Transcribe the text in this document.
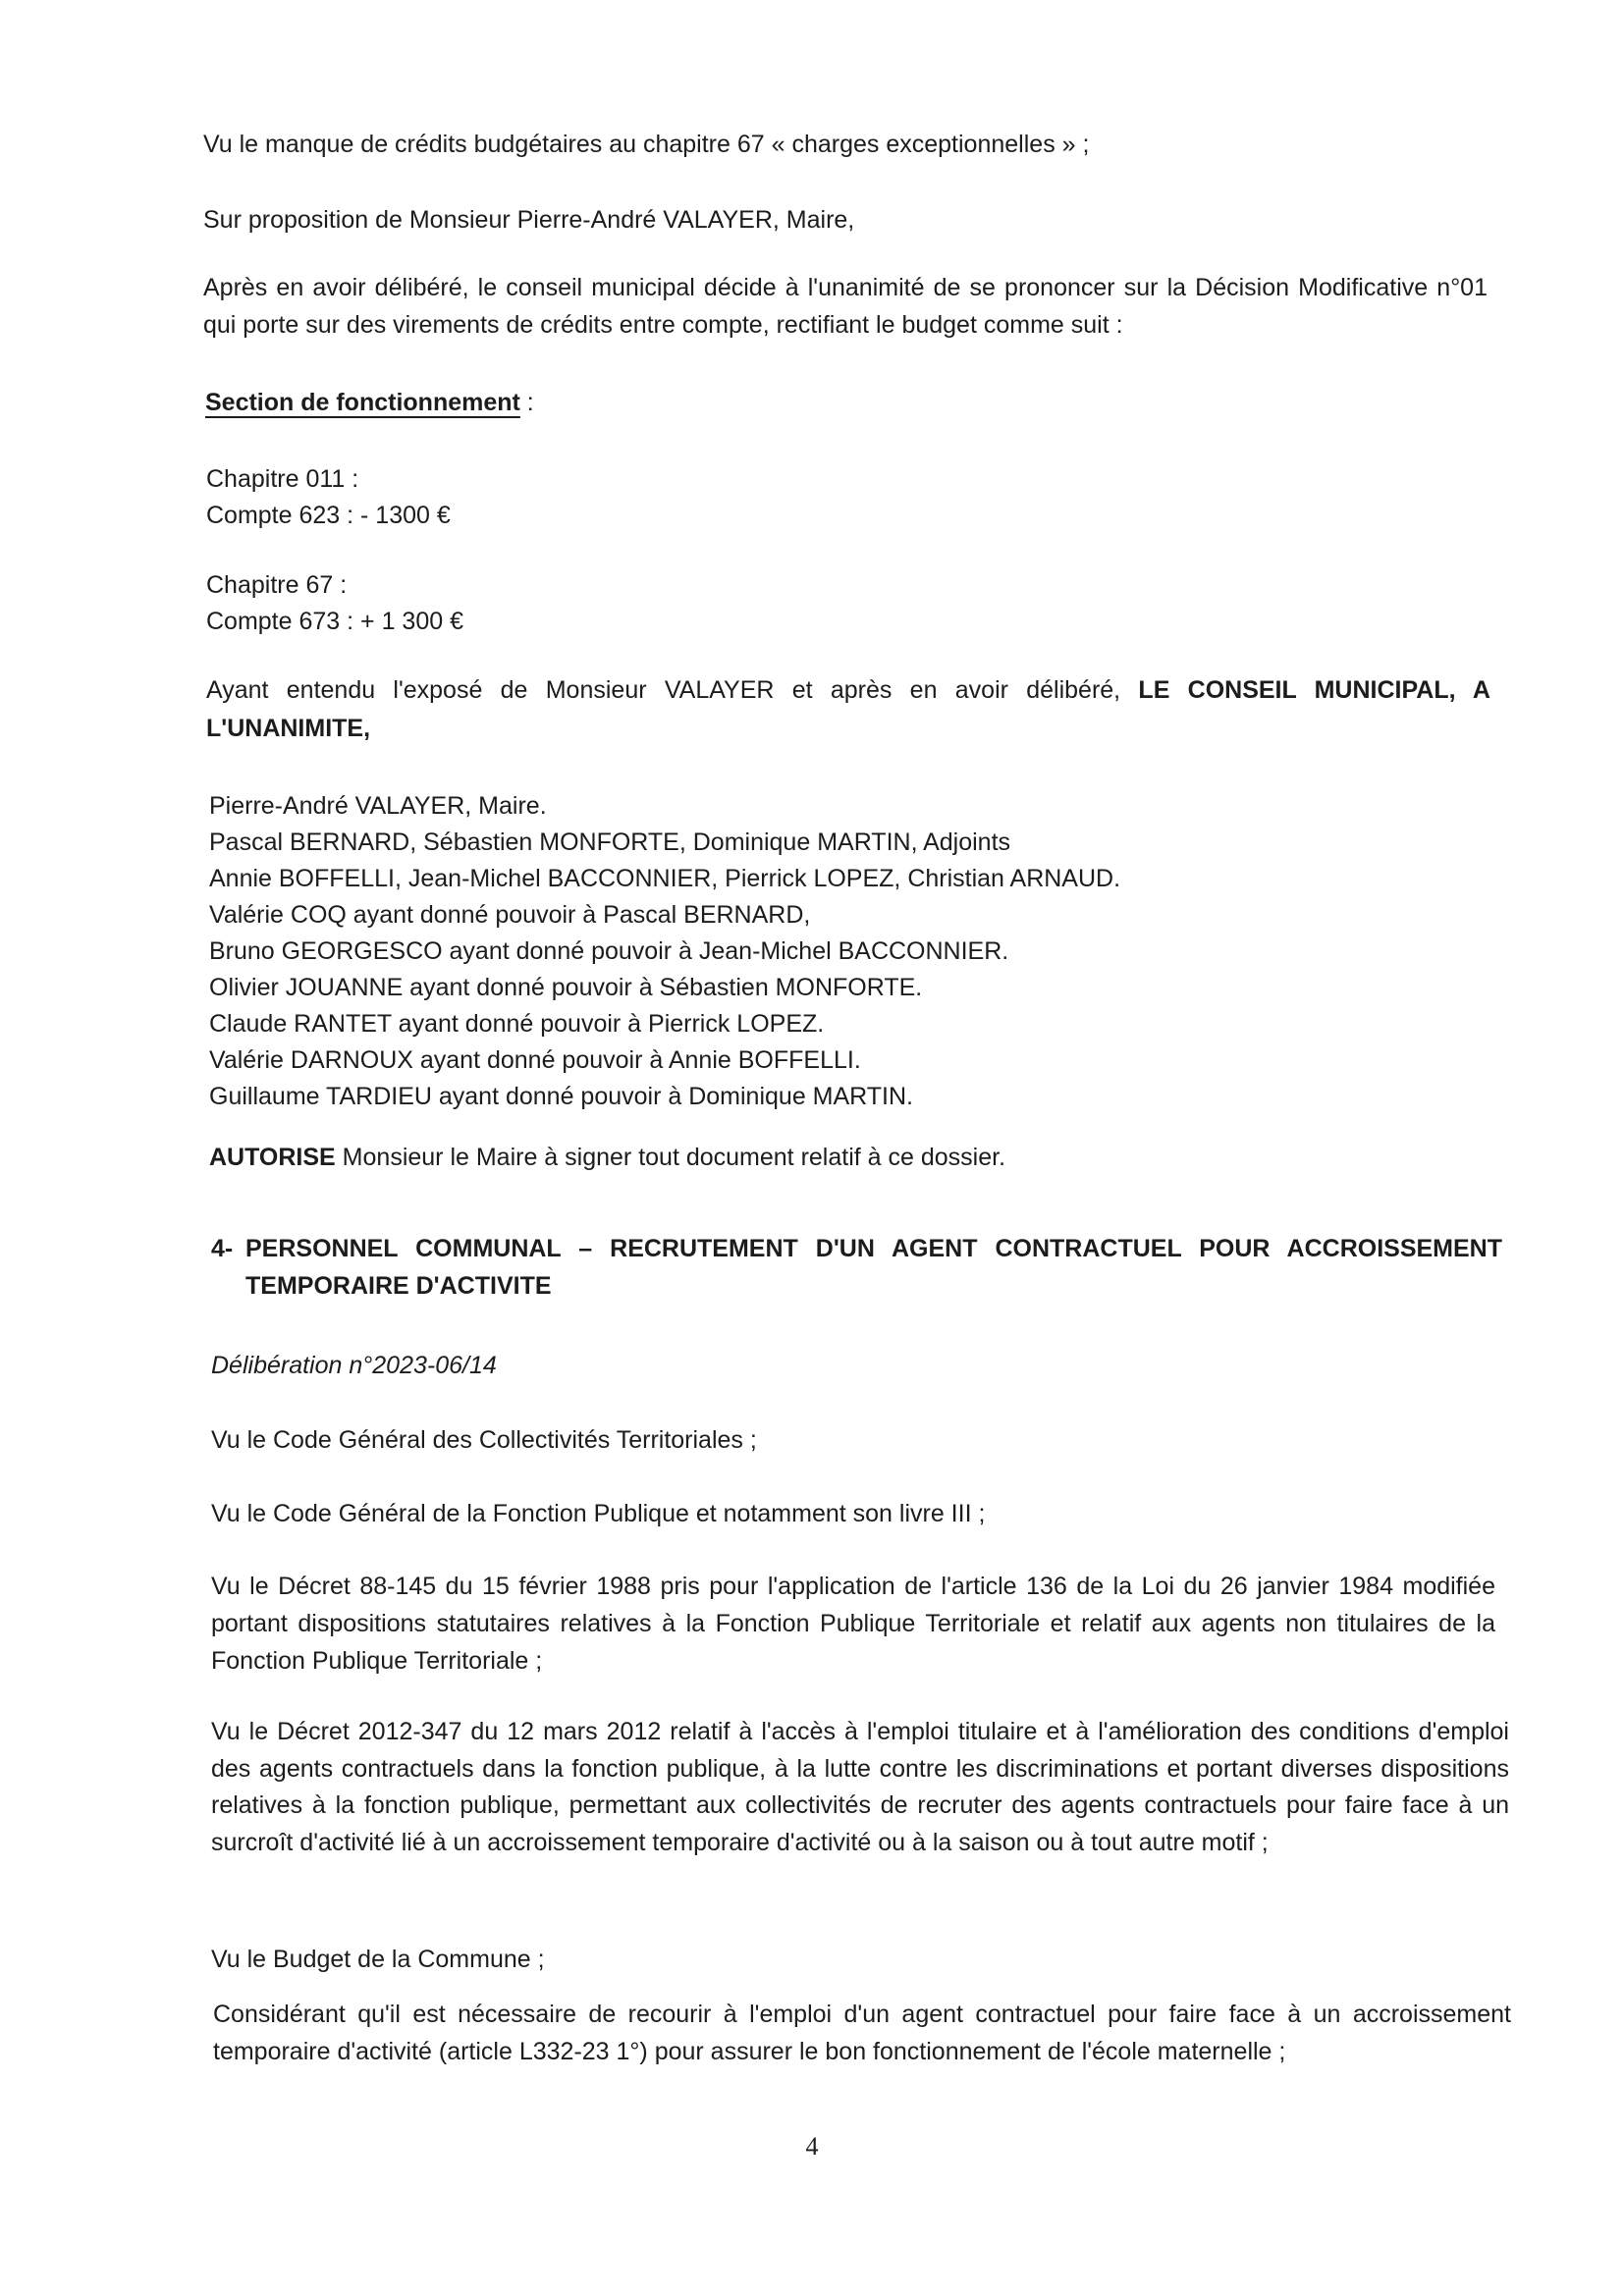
Vu le manque de crédits budgétaires au chapitre 67 « charges exceptionnelles » ;
Sur proposition de Monsieur Pierre-André VALAYER, Maire,
Après en avoir délibéré, le conseil municipal décide à l'unanimité de se prononcer sur la Décision Modificative n°01 qui porte sur des virements de crédits entre compte, rectifiant le budget comme suit :
Section de fonctionnement :
Chapitre 011 :
Compte 623 : - 1300 €
Chapitre 67 :
Compte 673 : + 1 300 €
Ayant entendu l'exposé de Monsieur VALAYER et après en avoir délibéré, LE CONSEIL MUNICIPAL, A L'UNANIMITE,
Pierre-André VALAYER, Maire.
Pascal BERNARD, Sébastien MONFORTE, Dominique MARTIN, Adjoints
Annie BOFFELLI, Jean-Michel BACCONNIER, Pierrick LOPEZ, Christian ARNAUD.
Valérie COQ ayant donné pouvoir à Pascal BERNARD,
Bruno GEORGESCO ayant donné pouvoir à Jean-Michel BACCONNIER.
Olivier JOUANNE ayant donné pouvoir à Sébastien MONFORTE.
Claude RANTET ayant donné pouvoir à Pierrick LOPEZ.
Valérie DARNOUX ayant donné pouvoir à Annie BOFFELLI.
Guillaume TARDIEU ayant donné pouvoir à Dominique MARTIN.
AUTORISE Monsieur le Maire à signer tout document relatif à ce dossier.
4- PERSONNEL COMMUNAL – RECRUTEMENT D'UN AGENT CONTRACTUEL POUR ACCROISSEMENT TEMPORAIRE D'ACTIVITE
Délibération n°2023-06/14
Vu le Code Général des Collectivités Territoriales ;
Vu le Code Général de la Fonction Publique et notamment son livre III ;
Vu le Décret 88-145 du 15 février 1988 pris pour l'application de l'article 136 de la Loi du 26 janvier 1984 modifiée portant dispositions statutaires relatives à la Fonction Publique Territoriale et relatif aux agents non titulaires de la Fonction Publique Territoriale ;
Vu le Décret 2012-347 du 12 mars 2012 relatif à l'accès à l'emploi titulaire et à l'amélioration des conditions d'emploi des agents contractuels dans la fonction publique, à la lutte contre les discriminations et portant diverses dispositions relatives à la fonction publique, permettant aux collectivités de recruter des agents contractuels pour faire face à un surcroît d'activité lié à un accroissement temporaire d'activité ou à la saison ou à tout autre motif ;
Vu le Budget de la Commune ;
Considérant qu'il est nécessaire de recourir à l'emploi d'un agent contractuel pour faire face à un accroissement temporaire d'activité (article L332-23 1°) pour assurer le bon fonctionnement de l'école maternelle ;
4
